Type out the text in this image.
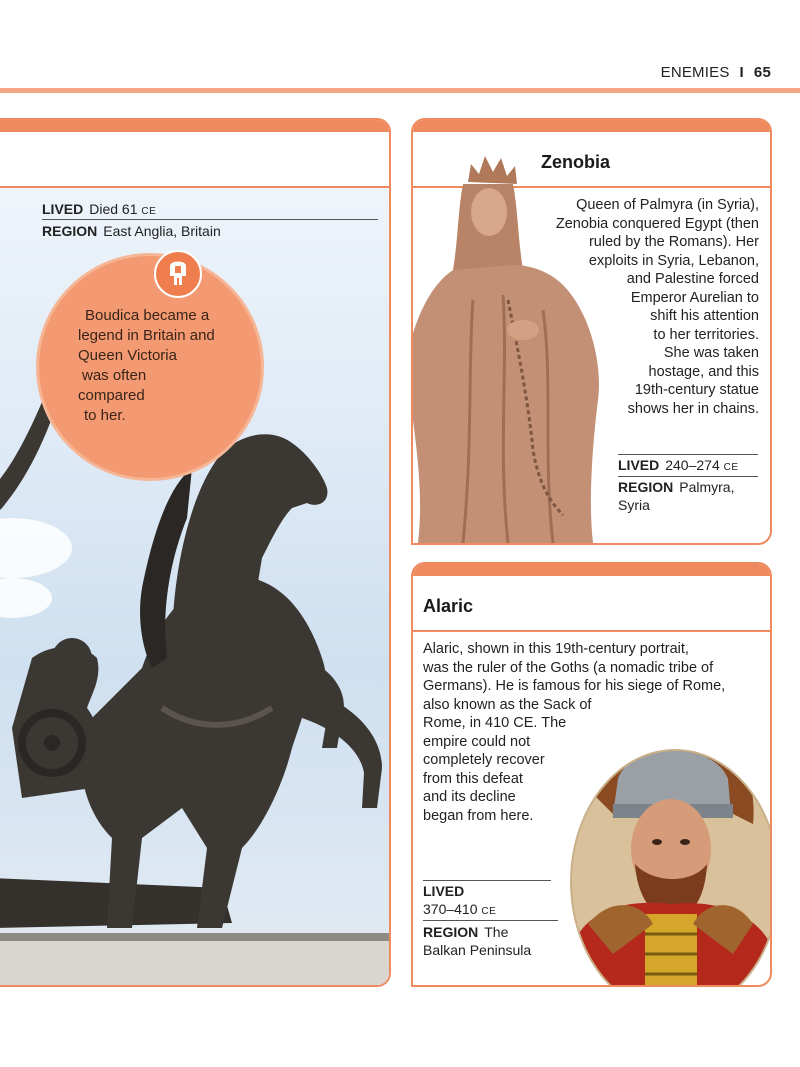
ENEMIES I 65
LIVED Died 61 CE
REGION East Anglia, Britain
Boudica became a
legend in Britain and
Queen Victoria
was often
compared
to her.
Zenobia
LIVED 240–274 CE
REGION Palmyra,
Syria
Queen of Palmyra (in Syria),
Zenobia conquered Egypt (then
ruled by the Romans). Her
exploits in Syria, Lebanon,
and Palestine forced
Emperor Aurelian to
shift his attention
to her territories.
She was taken
hostage, and this
19th-century statue
shows her in chains.
Alaric
LIVED
370–410 CE
REGION The
Balkan Peninsula
Alaric, shown in this 19th-century portrait,
was the ruler of the Goths (a nomadic tribe of
Germans). He is famous for his siege of Rome,
also known as the Sack of
Rome, in 410 CE. The
empire could not
completely recover
from this defeat
and its decline
began from here.
